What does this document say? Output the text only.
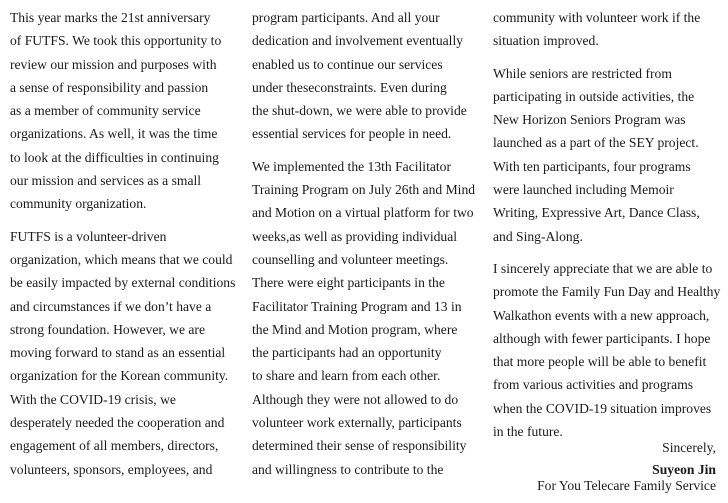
This year marks the 21st anniversary
of FUTFS. We took this opportunity to
review our mission and purposes with
a sense of responsibility and passion
as a member of community service
organizations. As well, it was the time
to look at the difficulties in continuing
our mission and services as a small
community organization.
FUTFS is a volunteer-driven
organization, which means that we could
be easily impacted by external conditions
and circumstances if we don’t have a
strong foundation. However, we are
moving forward to stand as an essential
organization for the Korean community.
With the COVID-19 crisis, we
desperately needed the cooperation and
engagement of all members, directors,
volunteers, sponsors, employees, and
program participants. And all your
dedication and involvement eventually
enabled us to continue our services
under theseconstraints. Even during
the shut-down, we were able to provide
essential services for people in need.
We implemented the 13th Facilitator
Training Program on July 26th and Mind
and Motion on a virtual platform for two
weeks,as well as providing individual
counselling and volunteer meetings.
There were eight participants in the
Facilitator Training Program and 13 in
the Mind and Motion program, where
the participants had an opportunity
to share and learn from each other.
Although they were not allowed to do
volunteer work externally, participants
determined their sense of responsibility
and willingness to contribute to the
community with volunteer work if the
situation improved.
While seniors are restricted from
participating in outside activities, the
New Horizon Seniors Program was
launched as a part of the SEY project.
With ten participants, four programs
were launched including Memoir
Writing, Expressive Art, Dance Class,
and Sing-Along.
I sincerely appreciate that we are able to
promote the Family Fun Day and Healthy
Walkathon events with a new approach,
although with fewer participants. I hope
that more people will be able to benefit
from various activities and programs
when the COVID-19 situation improves
in the future.
Sincerely,
Suyeon Jin
For You Telecare Family Service
